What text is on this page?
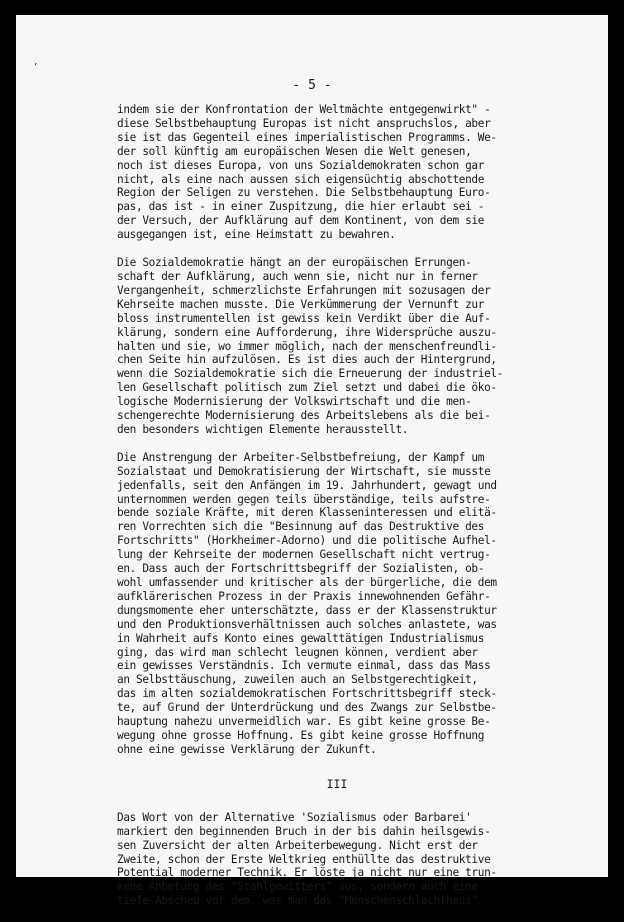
’
- 5 -
indem sie der Konfrontation der Weltmächte entgegenwirkt" -
diese Selbstbehauptung Europas ist nicht anspruchslos, aber
sie ist das Gegenteil eines imperialistischen Programms. We-
der soll künftig am europäischen Wesen die Welt genesen,
noch ist dieses Europa, von uns Sozialdemokraten schon gar
nicht, als eine nach aussen sich eigensüchtig abschottende
Region der Seligen zu verstehen. Die Selbstbehauptung Euro-
pas, das ist - in einer Zuspitzung, die hier erlaubt sei -
der Versuch, der Aufklärung auf dem Kontinent, von dem sie
ausgegangen ist, eine Heimstatt zu bewahren.
Die Sozialdemokratie hängt an der europäischen Errungen-
schaft der Aufklärung, auch wenn sie, nicht nur in ferner
Vergangenheit, schmerzlichste Erfahrungen mit sozusagen der
Kehrseite machen musste. Die Verkümmerung der Vernunft zur
bloss instrumentellen ist gewiss kein Verdikt über die Auf-
klärung, sondern eine Aufforderung, ihre Widersprüche auszu-
halten und sie, wo immer möglich, nach der menschenfreundli-
chen Seite hin aufzulösen. Es ist dies auch der Hintergrund,
wenn die Sozialdemokratie sich die Erneuerung der industriel-
len Gesellschaft politisch zum Ziel setzt und dabei die öko-
logische Modernisierung der Volkswirtschaft und die men-
schengerechte Modernisierung des Arbeitslebens als die bei-
den besonders wichtigen Elemente herausstellt.
Die Anstrengung der Arbeiter-Selbstbefreiung, der Kampf um
Sozialstaat und Demokratisierung der Wirtschaft, sie musste
jedenfalls, seit den Anfängen im 19. Jahrhundert, gewagt und
unternommen werden gegen teils überständige, teils aufstre-
bende soziale Kräfte, mit deren Klasseninteressen und elitä-
ren Vorrechten sich die "Besinnung auf das Destruktive des
Fortschritts" (Horkheimer-Adorno) und die politische Aufhel-
lung der Kehrseite der modernen Gesellschaft nicht vertrug-
en. Dass auch der Fortschrittsbegriff der Sozialisten, ob-
wohl umfassender und kritischer als der bürgerliche, die dem
aufklärerischen Prozess in der Praxis innewohnenden Gefähr-
dungsmomente eher unterschätzte, dass er der Klassenstruktur
und den Produktionsverhältnissen auch solches anlastete, was
in Wahrheit aufs Konto eines gewalttätigen Industrialismus
ging, das wird man schlecht leugnen können, verdient aber
ein gewisses Verständnis. Ich vermute einmal, dass das Mass
an Selbsttäuschung, zuweilen auch an Selbstgerechtigkeit,
das im alten sozialdemokratischen Fortschrittsbegriff steck-
te, auf Grund der Unterdrückung und des Zwangs zur Selbstbe-
hauptung nahezu unvermeidlich war. Es gibt keine grosse Be-
wegung ohne grosse Hoffnung. Es gibt keine grosse Hoffnung
ohne eine gewisse Verklärung der Zukunft.
III
Das Wort von der Alternative 'Sozialismus oder Barbarei'
markiert den beginnenden Bruch in der bis dahin heilsgewis-
sen Zuversicht der alten Arbeiterbewegung. Nicht erst der
Zweite, schon der Erste Weltkrieg enthüllte das destruktive
Potential moderner Technik. Er löste ja nicht nur eine trun-
kene Anbetung des "Stahlgewitters" aus, sondern auch eine
tiefe Abscheu vor dem, was man das "Menschenschlachthaus"
